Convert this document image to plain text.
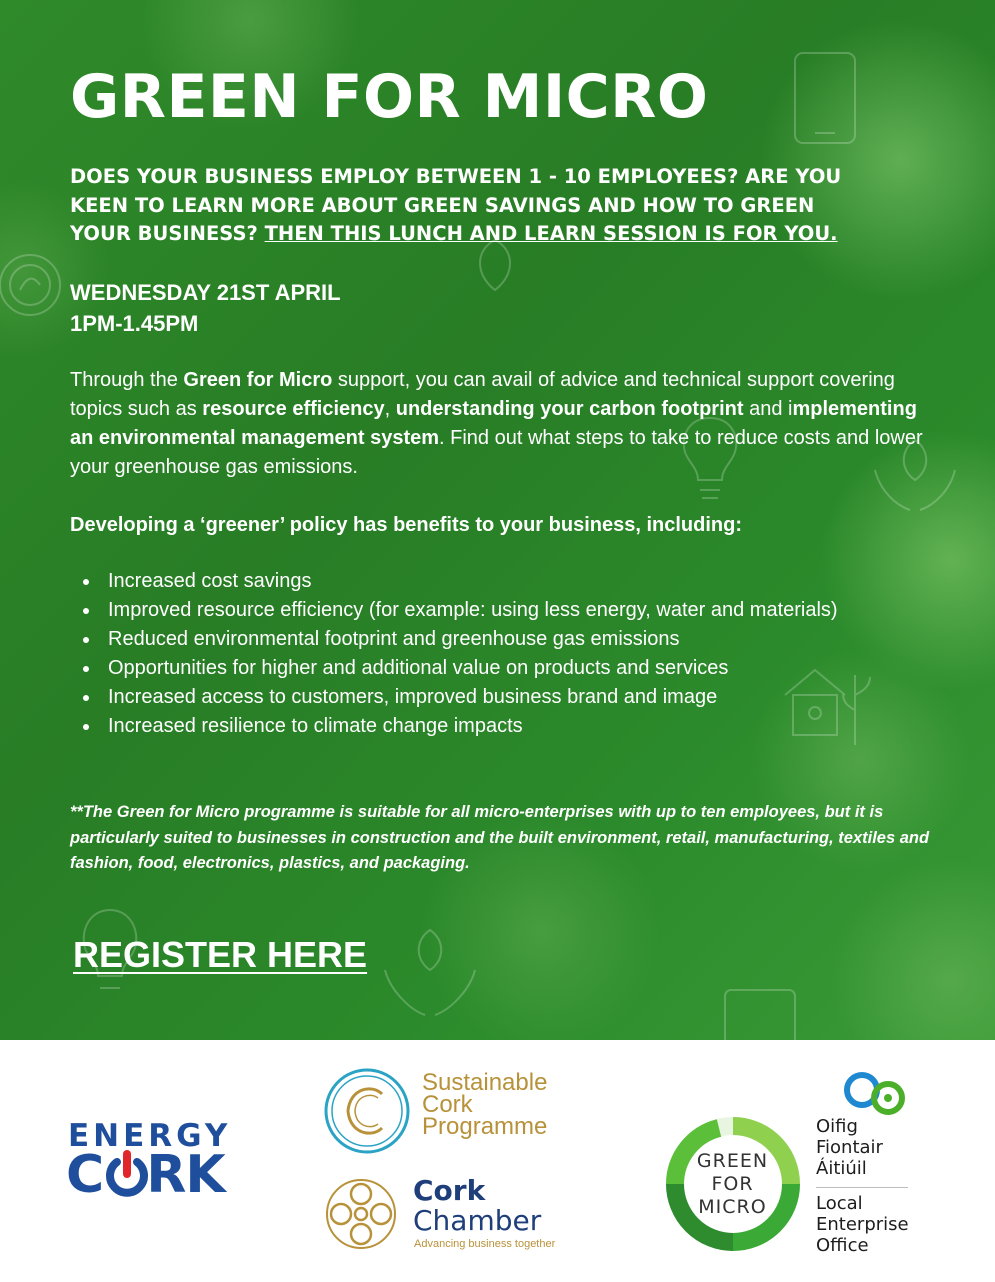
GREEN FOR MICRO

DOES YOUR BUSINESS EMPLOY BETWEEN 1 - 10 EMPLOYEES? ARE YOU KEEN TO LEARN MORE ABOUT GREEN SAVINGS AND HOW TO GREEN YOUR BUSINESS? THEN THIS LUNCH AND LEARN SESSION IS FOR YOU.

WEDNESDAY 21ST APRIL
1PM-1.45PM

Through the Green for Micro support, you can avail of advice and technical support covering topics such as resource efficiency, understanding your carbon footprint and implementing an environmental management system. Find out what steps to take to reduce costs and lower your greenhouse gas emissions.

Developing a ‘greener’ policy has benefits to your business, including:

Increased cost savings
Improved resource efficiency (for example: using less energy, water and materials)
Reduced environmental footprint and greenhouse gas emissions
Opportunities for higher and additional value on products and services
Increased access to customers, improved business brand and image
Increased resilience to climate change impacts

**The Green for Micro programme is suitable for all micro-enterprises with up to ten employees, but it is particularly suited to businesses in construction and the built environment, retail, manufacturing, textiles and fashion, food, electronics, plastics, and packaging.

REGISTER HERE
ENERGY
C RK
Sustainable
Cork
Programme
Cork
Chamber
Advancing business together
GREEN
FOR
MICRO
Oifig
Fiontair
Áitiúil
Local
Enterprise
Office
